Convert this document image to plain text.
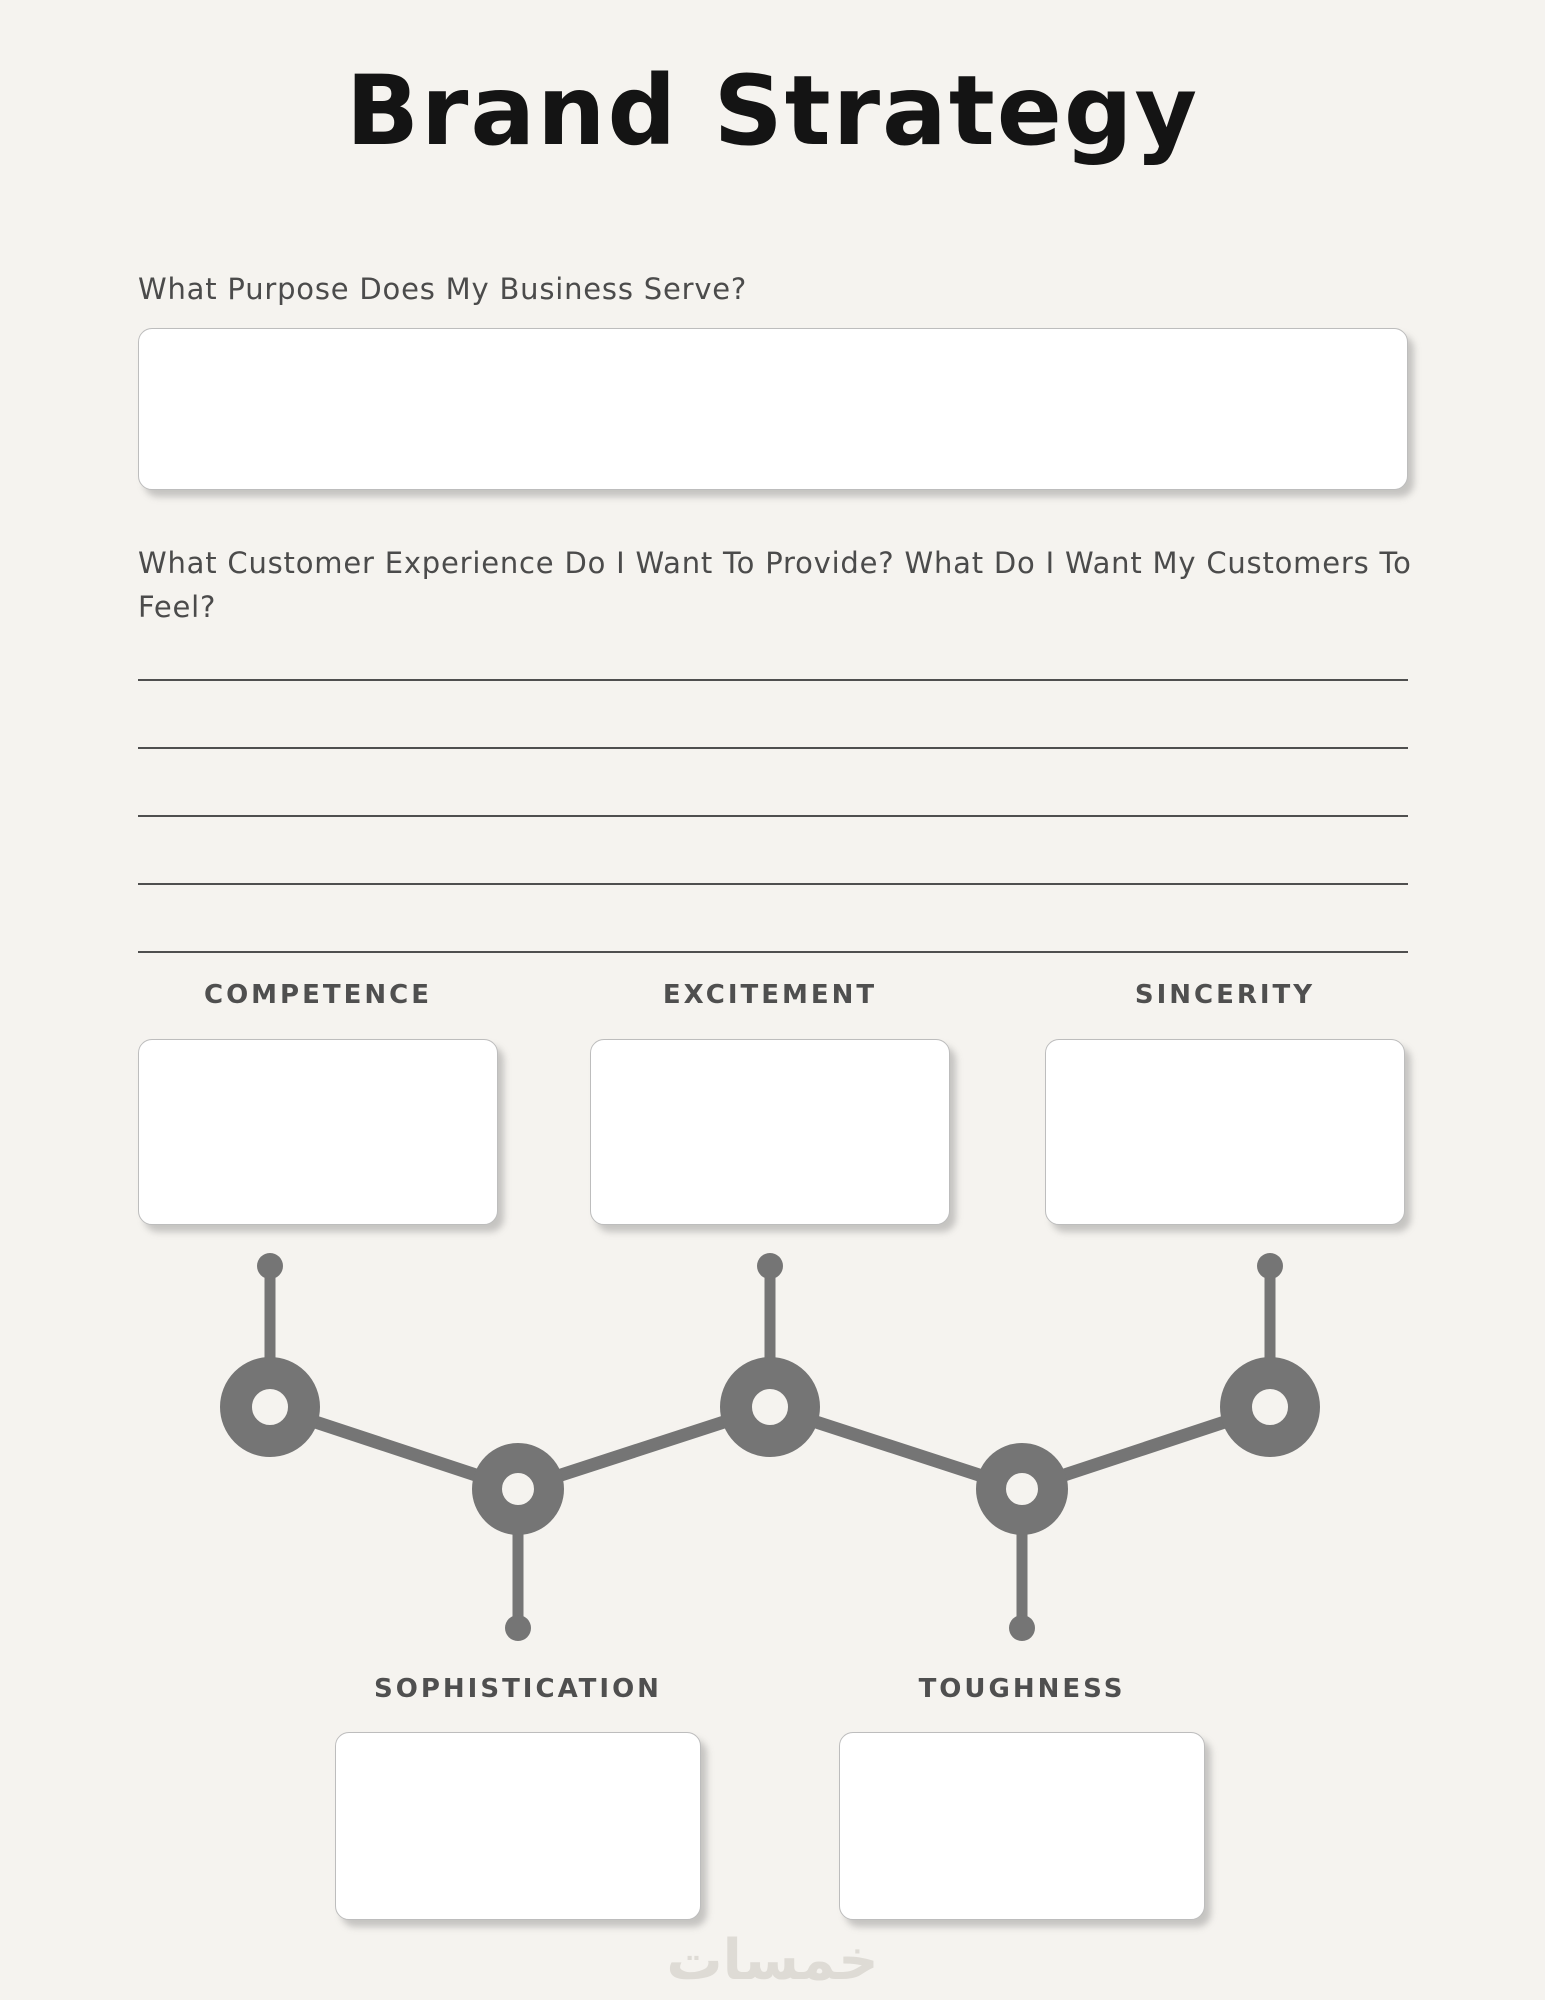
Brand Strategy
What Purpose Does My Business Serve?
What Customer Experience Do I Want To Provide? What Do I Want My Customers To Feel?
COMPETENCE	EXCITEMENT	SINCERITY
SOPHISTICATION	TOUGHNESS
خمسات
